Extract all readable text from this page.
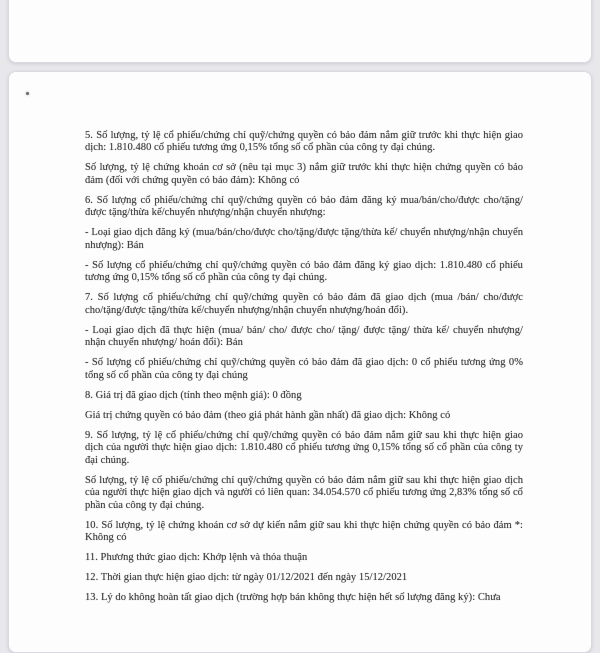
5. Số lượng, tỷ lệ cổ phiếu/chứng chỉ quỹ/chứng quyền có bảo đảm nắm giữ trước khi thực hiện giao dịch: 1.810.480 cổ phiếu tương ứng 0,15% tổng số cổ phần của công ty đại chúng.

Số lượng, tỷ lệ chứng khoán cơ sở (nêu tại mục 3) nắm giữ trước khi thực hiện chứng quyền có bảo đảm (đối với chứng quyền có bảo đảm): Không có

6. Số lượng cổ phiếu/chứng chỉ quỹ/chứng quyền có bảo đảm đăng ký mua/bán/cho/được cho/tặng/được tặng/thừa kế/chuyển nhượng/nhận chuyển nhượng:

- Loại giao dịch đăng ký (mua/bán/cho/được cho/tặng/được tặng/thừa kế/ chuyển nhượng/nhận chuyển nhượng): Bán

- Số lượng cổ phiếu/chứng chỉ quỹ/chứng quyền có bảo đảm đăng ký giao dịch: 1.810.480 cổ phiếu tương ứng 0,15% tổng số cổ phần của công ty đại chúng.

7. Số lượng cổ phiếu/chứng chỉ quỹ/chứng quyền có bảo đảm đã giao dịch (mua /bán/ cho/được cho/tặng/được tặng/thừa kế/chuyển nhượng/nhận chuyển nhượng/hoán đổi).

- Loại giao dịch đã thực hiện (mua/ bán/ cho/ được cho/ tặng/ được tặng/ thừa kế/ chuyển nhượng/ nhận chuyển nhượng/ hoán đổi): Bán

- Số lượng cổ phiếu/chứng chỉ quỹ/chứng quyền có bảo đảm đã giao dịch: 0 cổ phiếu tương ứng 0% tổng số cổ phần của công ty đại chúng

8. Giá trị đã giao dịch (tính theo mệnh giá): 0 đồng

Giá trị chứng quyền có bảo đảm (theo giá phát hành gần nhất) đã giao dịch: Không có

9. Số lượng, tỷ lệ cổ phiếu/chứng chỉ quỹ/chứng quyền có bảo đảm nắm giữ sau khi thực hiện giao dịch của người thực hiện giao dịch: 1.810.480 cổ phiếu tương ứng 0,15% tổng số cổ phần của công ty đại chúng.

Số lượng, tỷ lệ cổ phiếu/chứng chỉ quỹ/chứng quyền có bảo đảm nắm giữ sau khi thực hiện giao dịch của người thực hiện giao dịch và người có liên quan: 34.054.570 cổ phiếu tương ứng 2,83% tổng số cổ phần của công ty đại chúng.

10. Số lượng, tỷ lệ chứng khoán cơ sở dự kiến nắm giữ sau khi thực hiện chứng quyền có bảo đảm *: Không có

11. Phương thức giao dịch: Khớp lệnh và thỏa thuận

12. Thời gian thực hiện giao dịch: từ ngày 01/12/2021 đến ngày 15/12/2021

13. Lý do không hoàn tất giao dịch (trường hợp bán không thực hiện hết số lượng đăng ký): Chưa
